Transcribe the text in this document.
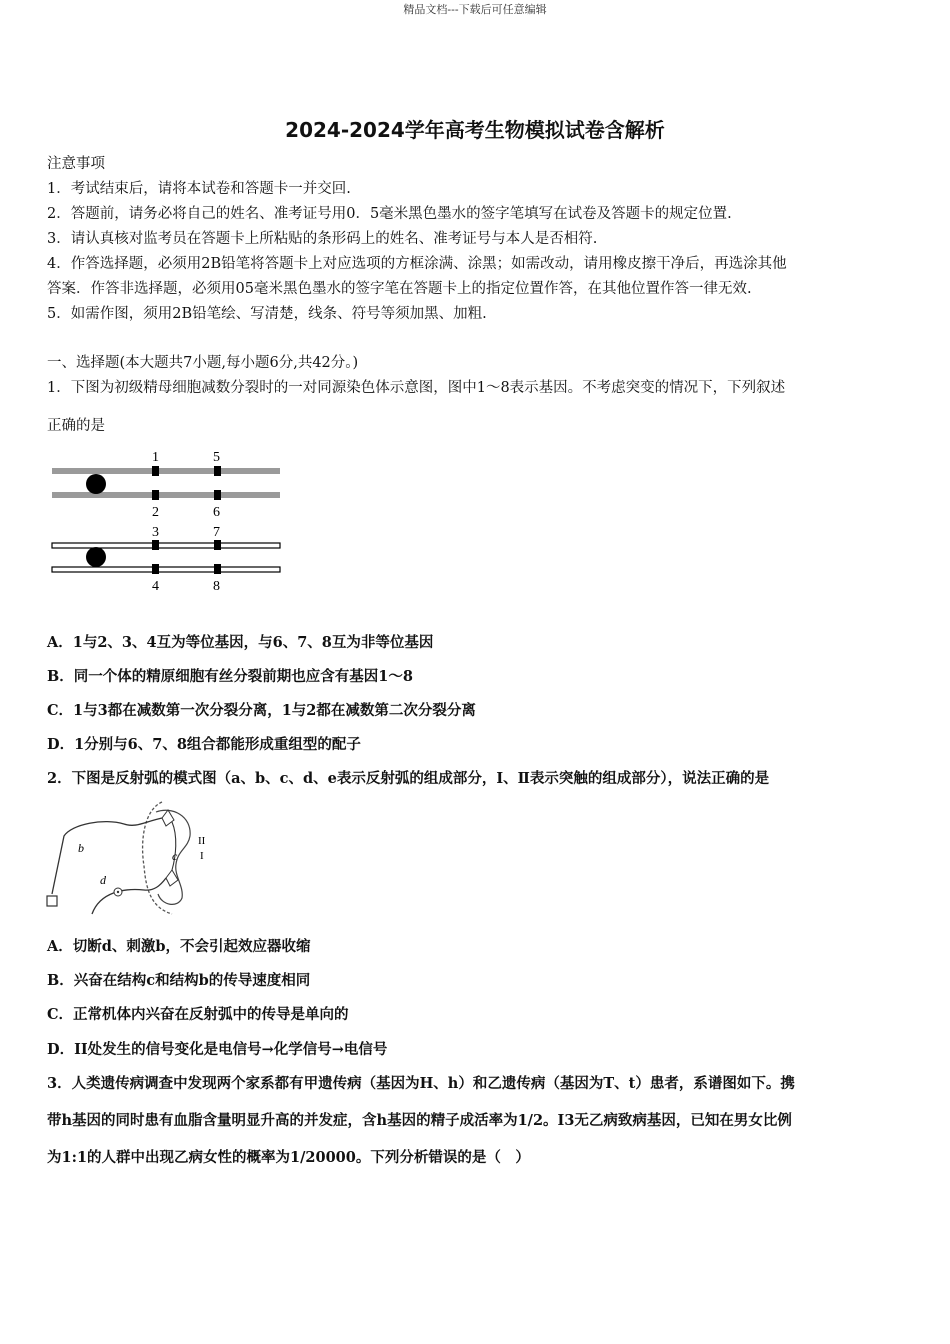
精品文档---下载后可任意编辑
2024-2024学年高考生物模拟试卷含解析
注意事项
1．考试结束后，请将本试卷和答题卡一并交回.
2．答题前，请务必将自己的姓名、准考证号用0．5毫米黑色墨水的签字笔填写在试卷及答题卡的规定位置.
3．请认真核对监考员在答题卡上所粘贴的条形码上的姓名、准考证号与本人是否相符.
4．作答选择题，必须用2B铅笔将答题卡上对应选项的方框涂满、涂黑；如需改动，请用橡皮擦干净后，再选涂其他
答案．作答非选择题，必须用05毫米黑色墨水的签字笔在答题卡上的指定位置作答，在其他位置作答一律无效.
5．如需作图，须用2B铅笔绘、写清楚，线条、符号等须加黑、加粗.
一、选择题(本大题共7小题,每小题6分,共42分。)
1．下图为初级精母细胞减数分裂时的一对同源染色体示意图，图中1～8表示基因。不考虑突变的情况下，下列叙述
正确的是
1	5
2	6
3	7
4	8
A．1与2、3、4互为等位基因，与6、7、8互为非等位基因
B．同一个体的精原细胞有丝分裂前期也应含有基因1～8
C．1与3都在减数第一次分裂分离，1与2都在减数第二次分裂分离
D．1分别与6、7、8组合都能形成重组型的配子
2．下图是反射弧的模式图（a、b、c、d、e表示反射弧的组成部分，I、Ⅱ表示突触的组成部分），说法正确的是
b
c
d
II
I
A．切断d、刺激b，不会引起效应器收缩
B．兴奋在结构c和结构b的传导速度相同
C．正常机体内兴奋在反射弧中的传导是单向的
D．II处发生的信号变化是电信号→化学信号→电信号
3．人类遗传病调查中发现两个家系都有甲遗传病（基因为H、h）和乙遗传病（基因为T、t）患者，系谱图如下。携
带h基因的同时患有血脂含量明显升高的并发症，含h基因的精子成活率为1/2。I3无乙病致病基因，已知在男女比例
为1:1的人群中出现乙病女性的概率为1/20000。下列分析错误的是（　）
